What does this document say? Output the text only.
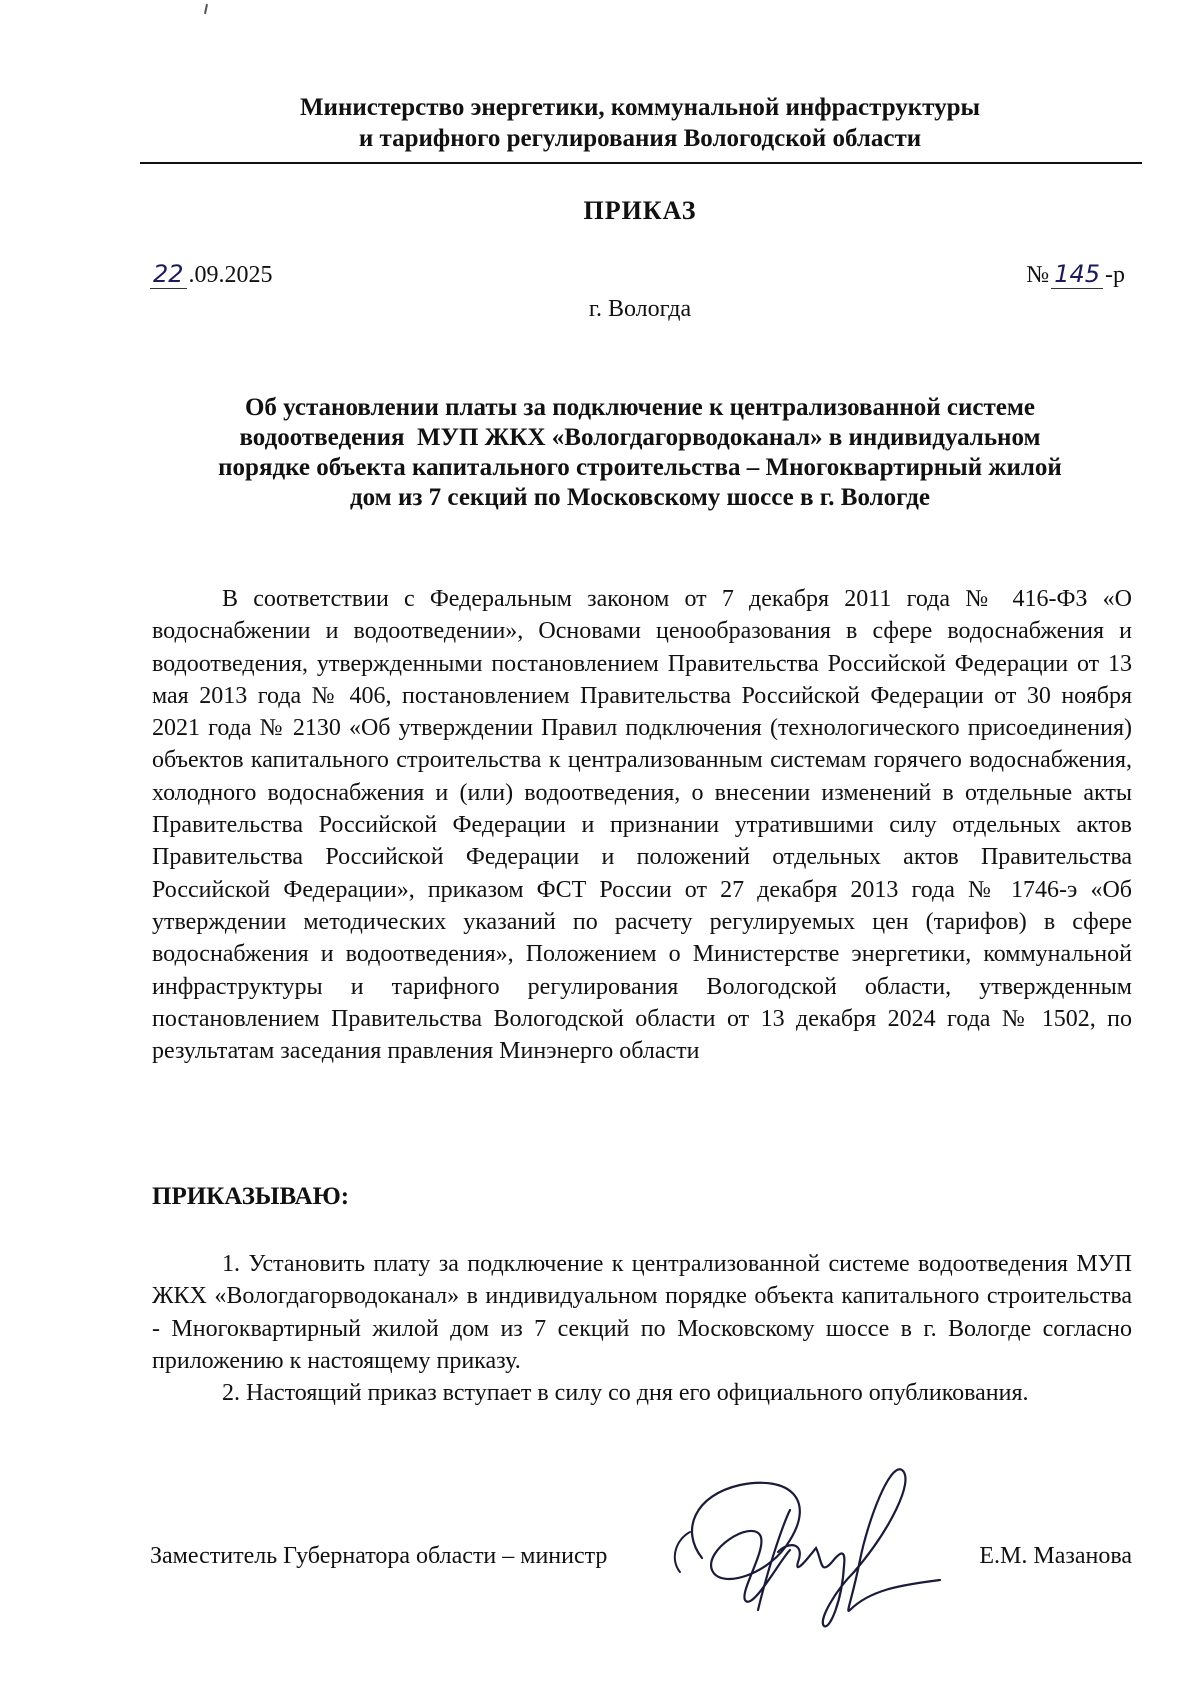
Министерство энергетики, коммунальной инфраструктуры
и тарифного регулирования Вологодской области
ПРИКАЗ
22 .09.2025	№ 145 -р
г. Вологда
Об установлении платы за подключение к централизованной системе
водоотведения  МУП ЖКХ «Вологдагорводоканал» в индивидуальном
порядке объекта капитального строительства – Многоквартирный жилой
дом из 7 секций по Московскому шоссе в г. Вологде

В соответствии с Федеральным законом от 7 декабря 2011 года № 416-ФЗ «О водоснабжении и водоотведении», Основами ценообразования в сфере водоснабжения и водоотведения, утвержденными постановлением Правительства Российской Федерации от 13 мая 2013 года № 406, постановлением Правительства Российской Федерации от 30 ноября 2021 года № 2130 «Об утверждении Правил подключения (технологического присоединения) объектов капитального строительства к централизованным системам горячего водоснабжения, холодного водоснабжения и (или) водоотведения, о внесении изменений в отдельные акты Правительства Российской Федерации и признании утратившими силу отдельных актов Правительства Российской Федерации и положений отдельных актов Правительства Российской Федерации», приказом ФСТ России от 27 декабря 2013 года № 1746-э «Об утверждении методических указаний по расчету регулируемых цен (тарифов) в сфере водоснабжения и водоотведения», Положением о Министерстве энергетики, коммунальной инфраструктуры и тарифного регулирования Вологодской области, утвержденным постановлением Правительства Вологодской области от 13 декабря 2024 года № 1502, по результатам заседания правления Минэнерго области

ПРИКАЗЫВАЮ:

1. Установить плату за подключение к централизованной системе водоотведения МУП ЖКХ «Вологдагорводоканал» в индивидуальном порядке объекта капитального строительства - Многоквартирный жилой дом из 7 секций по Московскому шоссе в г. Вологде согласно приложению к настоящему приказу.

2. Настоящий приказ вступает в силу со дня его официального опубликования.

Заместитель Губернатора области – министр	Е.М. Мазанова
